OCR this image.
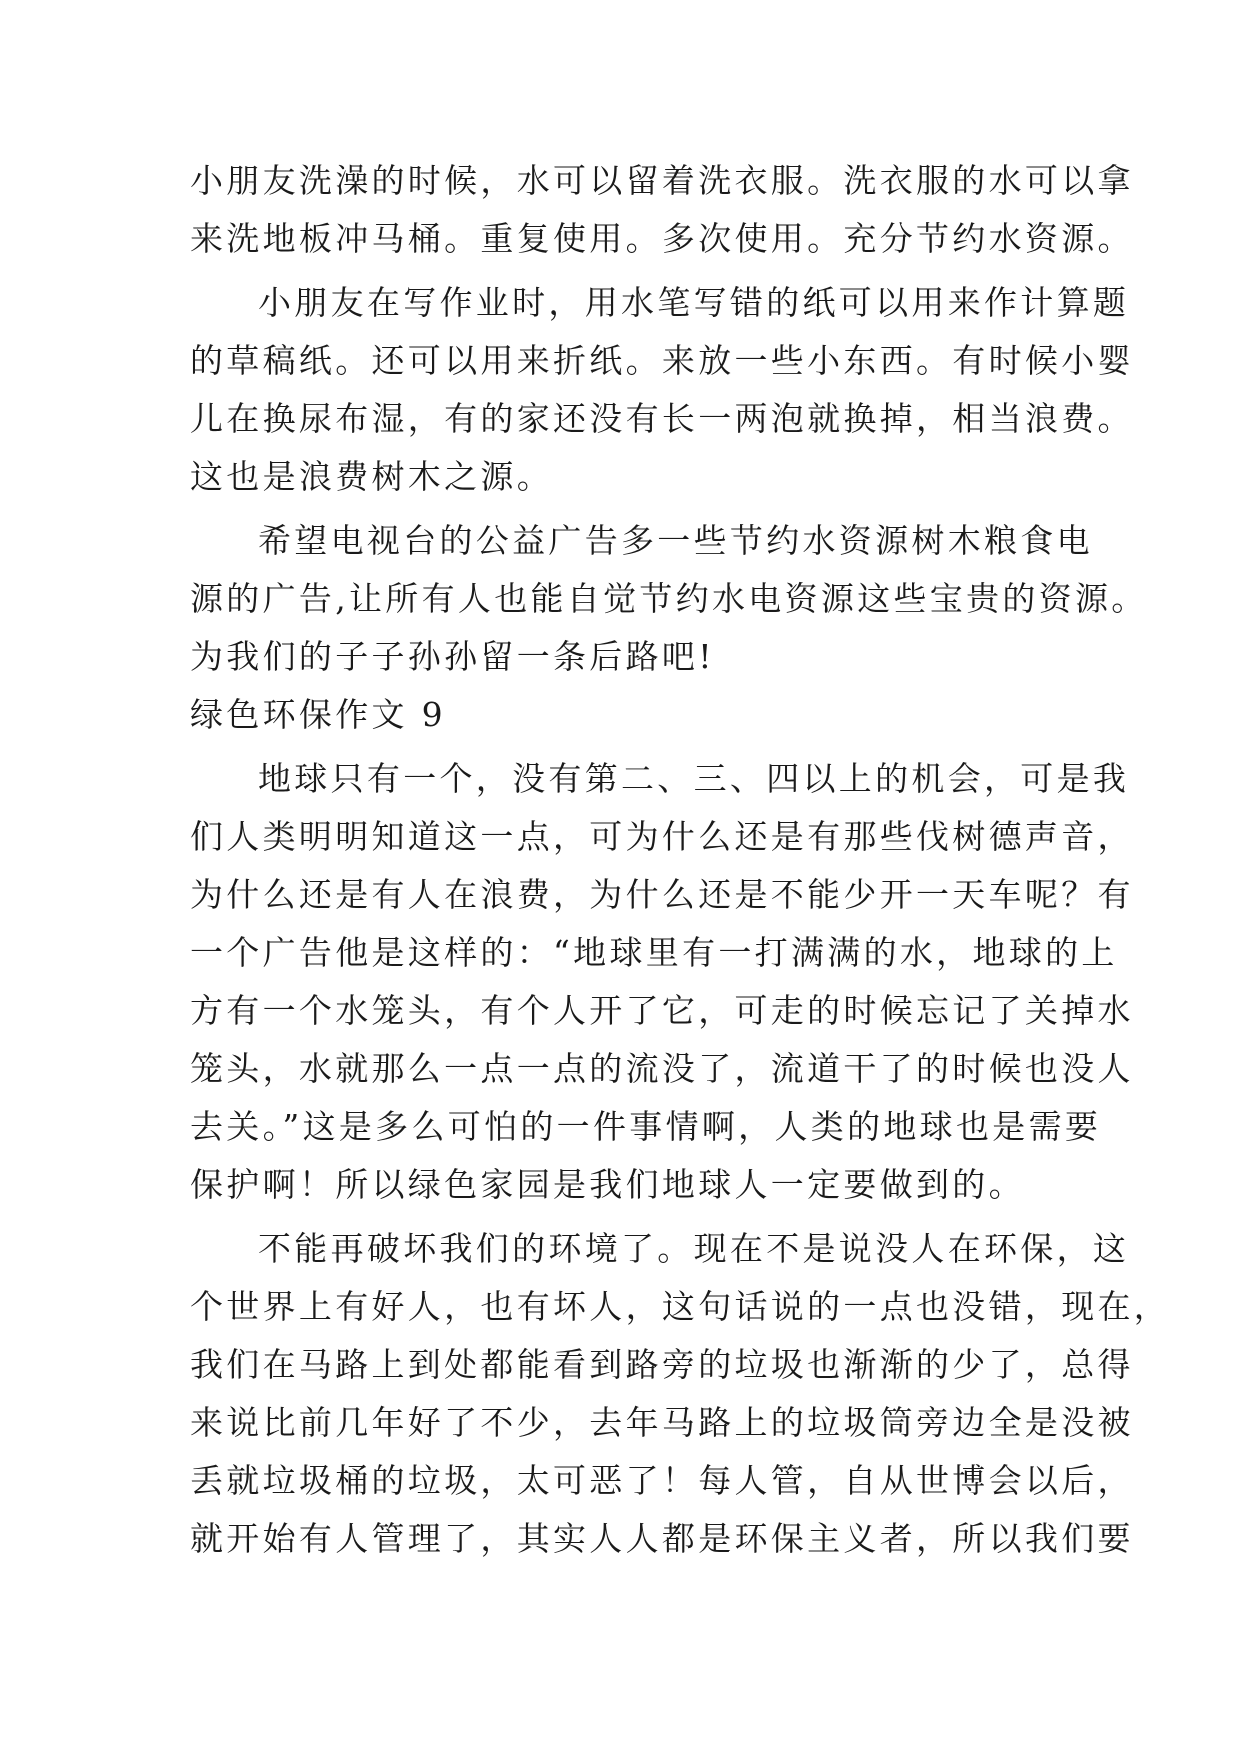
小朋友洗澡的时候，水可以留着洗衣服。洗衣服的水可以拿
来洗地板冲马桶。重复使用。多次使用。充分节约水资源。
小朋友在写作业时，用水笔写错的纸可以用来作计算题
的草稿纸。还可以用来折纸。来放一些小东西。有时候小婴
儿在换尿布湿，有的家还没有长一两泡就换掉，相当浪费。
这也是浪费树木之源。
希望电视台的公益广告多一些节约水资源树木粮食电
源的广告,让所有人也能自觉节约水电资源这些宝贵的资源。
为我们的子子孙孙留一条后路吧!
绿色环保作文 9
地球只有一个，没有第二、三、四以上的机会，可是我
们人类明明知道这一点，可为什么还是有那些伐树德声音，
为什么还是有人在浪费，为什么还是不能少开一天车呢？有
一个广告他是这样的：“地球里有一打满满的水，地球的上
方有一个水笼头，有个人开了它，可走的时候忘记了关掉水
笼头，水就那么一点一点的流没了，流道干了的时候也没人
去关。”这是多么可怕的一件事情啊，人类的地球也是需要
保护啊！所以绿色家园是我们地球人一定要做到的。
不能再破坏我们的环境了。现在不是说没人在环保，这
个世界上有好人，也有坏人，这句话说的一点也没错，现在，
我们在马路上到处都能看到路旁的垃圾也渐渐的少了，总得
来说比前几年好了不少，去年马路上的垃圾筒旁边全是没被
丢就垃圾桶的垃圾，太可恶了！每人管，自从世博会以后，
就开始有人管理了，其实人人都是环保主义者，所以我们要
